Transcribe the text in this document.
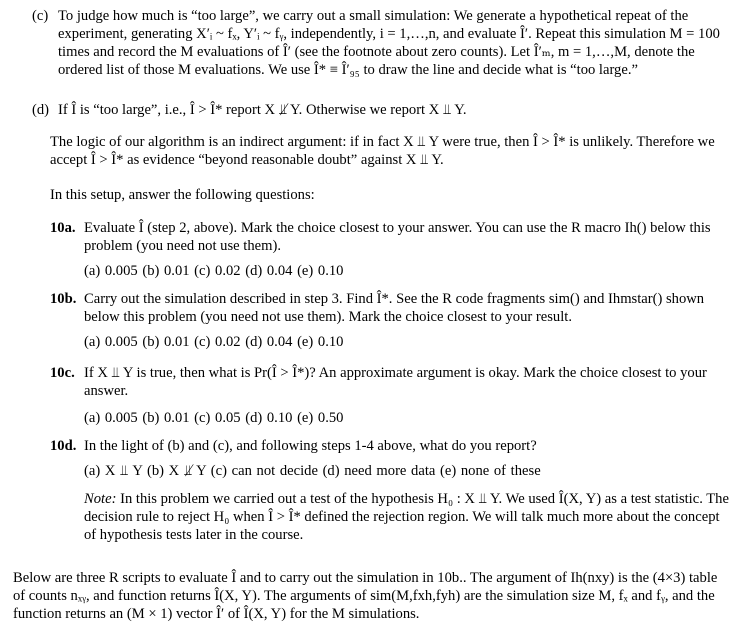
(c) To judge how much is “too large”, we carry out a small simulation: We generate a hypothetical repeat of the experiment, generating X′ᵢ ~ fₓ, Y′ᵢ ~ fᵧ, independently, i = 1,…,n, and evaluate Î′. Repeat this simulation M = 100 times and record the M evaluations of Î′ (see the footnote about zero counts). Let Î′ₘ, m = 1,…,M, denote the ordered list of those M evaluations. We use Î* ≡ Î′₉₅ to draw the line and decide what is “too large.”
(d) If Î is “too large”, i.e., Î > Î* report X ⫫̸ Y. Otherwise we report X ⫫ Y.

The logic of our algorithm is an indirect argument: if in fact X ⫫ Y were true, then Î > Î* is unlikely. Therefore we accept Î > Î* as evidence “beyond reasonable doubt” against X ⫫ Y.

In this setup, answer the following questions:

10a. Evaluate Î (step 2, above). Mark the choice closest to your answer. You can use the R macro Ih() below this problem (you need not use them).
(a) 0.005 (b) 0.01 (c) 0.02 (d) 0.04 (e) 0.10
10b. Carry out the simulation described in step 3. Find Î*. See the R code fragments sim() and Ihmstar() shown below this problem (you need not use them). Mark the choice closest to your result.
(a) 0.005 (b) 0.01 (c) 0.02 (d) 0.04 (e) 0.10
10c. If X ⫫ Y is true, then what is Pr(Î > Î*)? An approximate argument is okay. Mark the choice closest to your answer.
(a) 0.005 (b) 0.01 (c) 0.05 (d) 0.10 (e) 0.50
10d. In the light of (b) and (c), and following steps 1-4 above, what do you report?
(a) X ⫫ Y (b) X ⫫̸ Y (c) can not decide (d) need more data (e) none of these
Note: In this problem we carried out a test of the hypothesis H₀ : X ⫫ Y. We used Î(X, Y) as a test statistic. The decision rule to reject H₀ when Î > Î* defined the rejection region. We will talk much more about the concept of hypothesis tests later in the course.

Below are three R scripts to evaluate Î and to carry out the simulation in 10b.. The argument of Ih(nxy) is the (4×3) table of counts nₓᵧ, and function returns Î(X, Y). The arguments of sim(M,fxh,fyh) are the simulation size M, fₓ and fᵧ, and the function returns an (M × 1) vector Î′ of Î(X, Y) for the M simulations.
